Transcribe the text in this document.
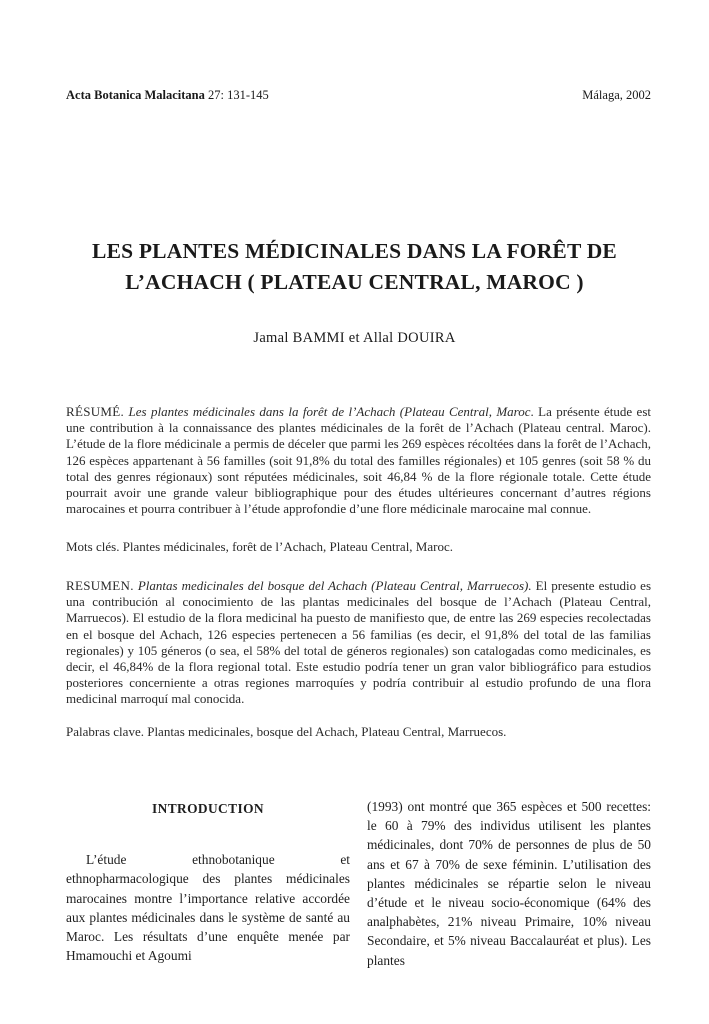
Acta Botanica Malacitana 27: 131-145	Málaga, 2002
LES PLANTES MÉDICINALES DANS LA FORÊT DE
L’ACHACH ( PLATEAU CENTRAL, MAROC )
Jamal BAMMI et Allal DOUIRA
RÉSUMÉ. Les plantes médicinales dans la forêt de l’Achach (Plateau Central, Maroc. La présente étude est une contribution à la connaissance des plantes médicinales de la forêt de l’Achach (Plateau central. Maroc). L’étude de la flore médicinale a permis de déceler que parmi les 269 espèces récoltées dans la forêt de l’Achach, 126 espèces appartenant à 56 familles (soit 91,8% du total des familles régionales) et 105 genres (soit 58 % du total des genres régionaux) sont réputées médicinales, soit 46,84 % de la flore régionale totale. Cette étude pourrait avoir une grande valeur bibliographique pour des études ultérieures concernant d’autres régions marocaines et pourra contribuer à l’étude approfondie d’une flore médicinale marocaine mal connue.
Mots clés. Plantes médicinales, forêt de l’Achach, Plateau Central, Maroc.
RESUMEN. Plantas medicinales del bosque del Achach (Plateau Central, Marruecos). El presente estudio es una contribución al conocimiento de las plantas medicinales del bosque de l’Achach (Plateau Central, Marruecos). El estudio de la flora medicinal ha puesto de manifiesto que, de entre las 269 especies recolectadas en el bosque del Achach, 126 especies pertenecen a 56 familias (es decir, el 91,8% del total de las familias regionales) y 105 géneros (o sea, el 58% del total de géneros regionales) son catalogadas como medicinales, es decir, el 46,84% de la flora regional total. Este estudio podría tener un gran valor bibliográfico para estudios posteriores concerniente a otras regiones marroquíes y podría contribuir al estudio profundo de una flora medicinal marroquí mal conocida.
Palabras clave. Plantas medicinales, bosque del Achach, Plateau Central, Marruecos.
INTRODUCTION
L’étude ethnobotanique et ethnopharmacologique des plantes médicinales marocaines montre l’importance relative accordée aux plantes médicinales dans le système de santé au Maroc. Les résultats d’une enquête menée par Hmamouchi et Agoumi
(1993) ont montré que 365 espèces et 500 recettes: le 60 à 79% des individus utilisent les plantes médicinales, dont 70% de personnes de plus de 50 ans et 67 à 70% de sexe féminin. L’utilisation des plantes médicinales se répartie selon le niveau d’étude et le niveau socio-économique (64% des analphabètes, 21% niveau Primaire, 10% niveau Secondaire, et 5% niveau Baccalauréat et plus). Les plantes
